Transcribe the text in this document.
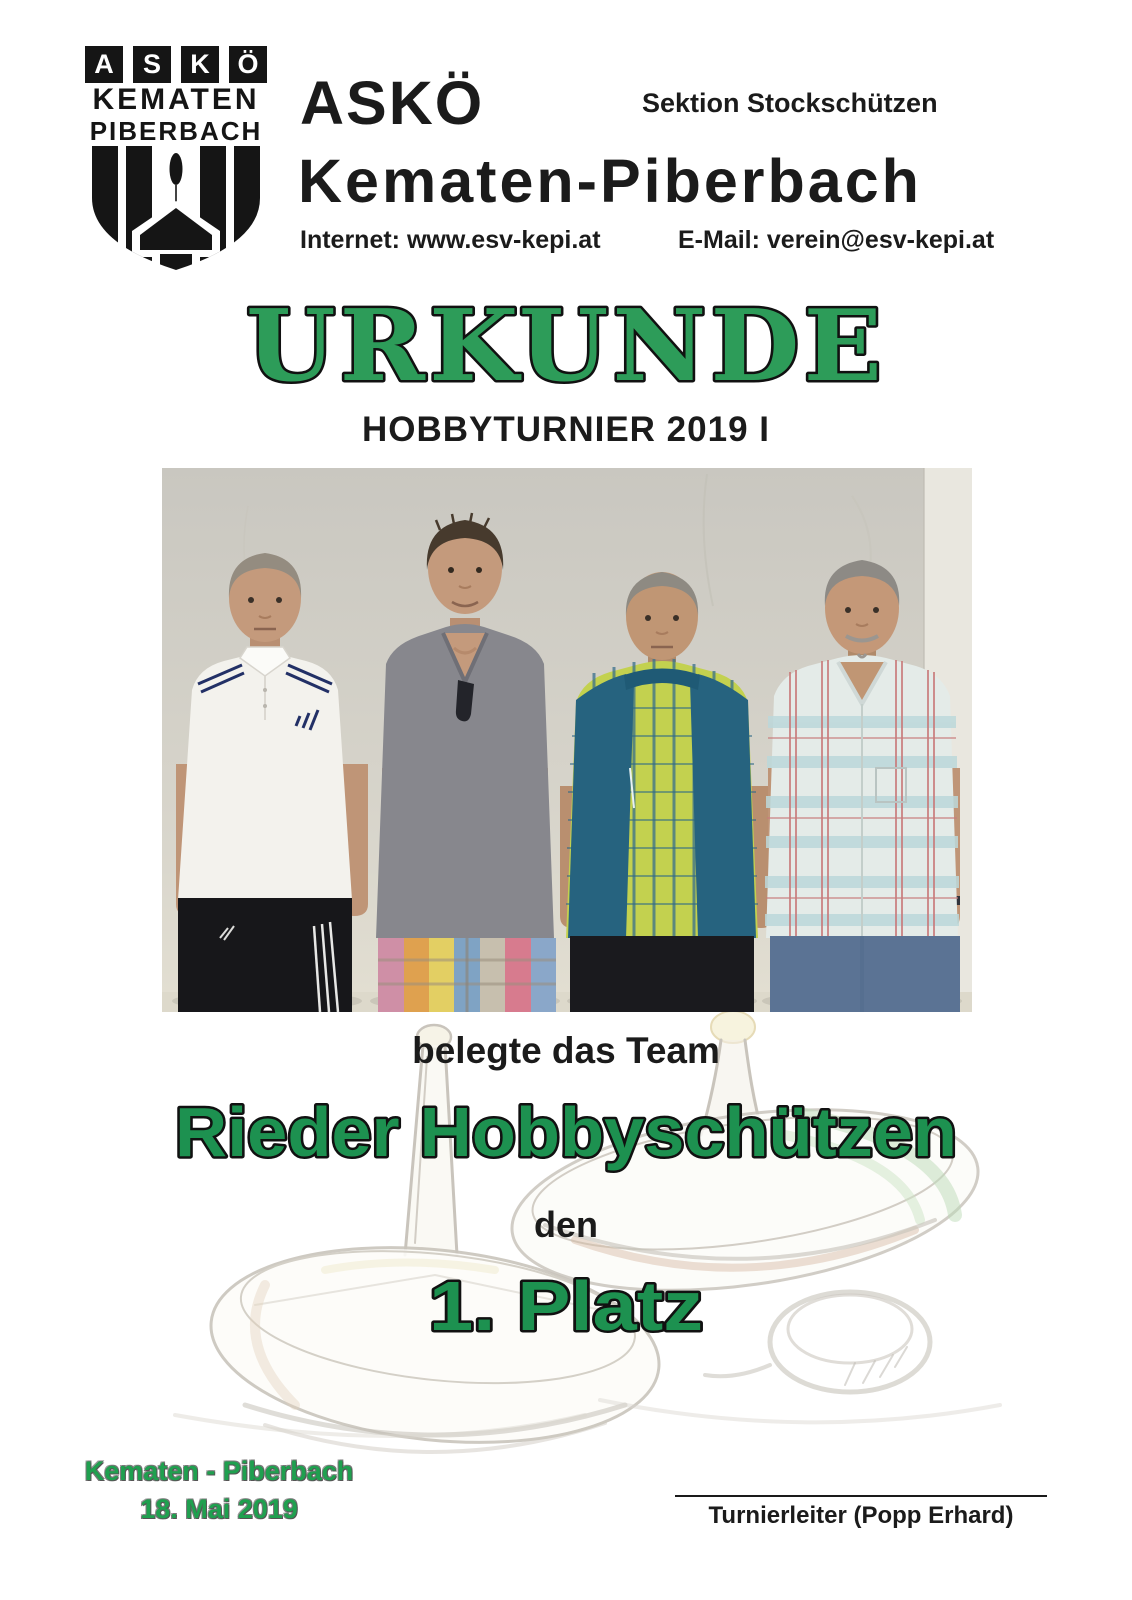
A S K Ö
KEMATEN
PIBERBACH ASKÖ	Sektion Stockschützen
Kematen-Piberbach
Internet: www.esv-kepi.at	E-Mail: verein@esv-kepi.at
URKUNDE
HOBBYTURNIER 2019 I
belegte das Team
Rieder Hobbyschützen
den
1. Platz
Kematen - Piberbach
18. Mai 2019	Turnierleiter (Popp Erhard)
